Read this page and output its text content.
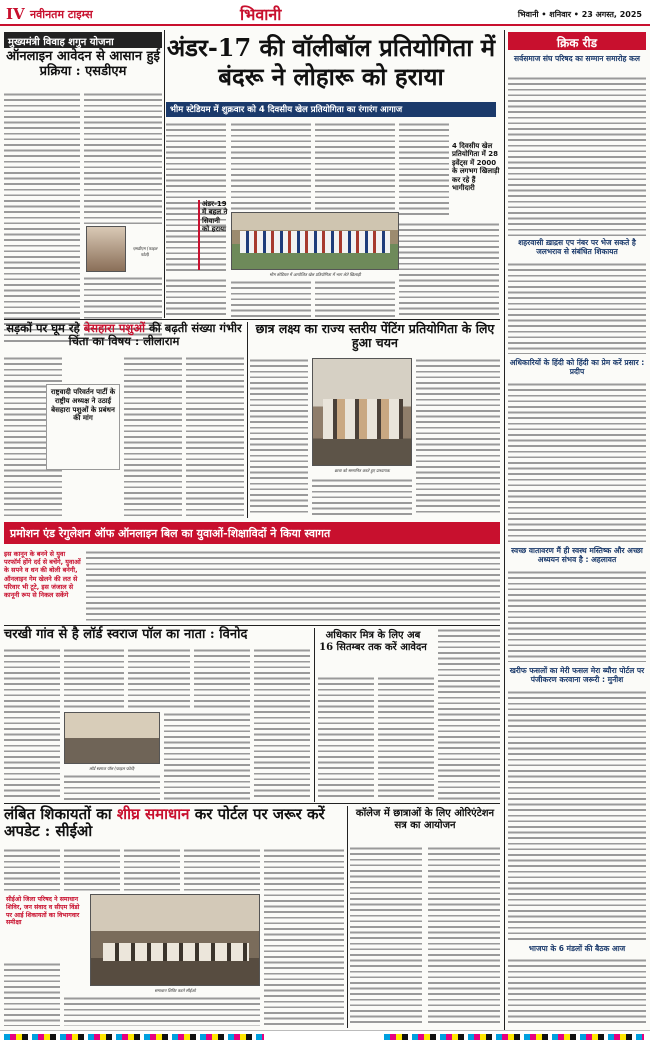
IV नवीनतम टाइम्स	भिवानी	भिवानी • शनिवार • 23 अगस्त, 2025
मुख्यमंत्री विवाह शगुन योजना
ऑनलाइन आवेदन से आसान हुई प्रक्रिया : एसडीएम
एसडीएम (फाइल फोटो)
अंडर-17 की वॉलीबॉल प्रतियोगिता में बंदरू ने लोहारू को हराया
भीम स्टेडियम में शुक्रवार को 4 दिवसीय खेल प्रतियोगिता का रंगारंग आगाज
अंडर-19 में बहल ने सिवानी को हराया
4 दिवसीय खेल प्रतियोगिता में 28 इवेंट्स में 2000 के लगभग खिलाड़ी कर रहे हैं भागीदारी
भीम स्टेडियम में आयोजित खेल प्रतियोगिता में भाग लेते खिलाड़ी
सड़कों पर घूम रहे बेसहारा पशुओं की बढ़ती संख्या गंभीर चिंता का विषय : लीलाराम
राष्ट्रवादी परिवर्तन पार्टी के राष्ट्रीय अध्यक्ष ने उठाई बेसहारा पशुओं के प्रबंधन की मांग
छात्र लक्ष्य का राज्य स्तरीय पेंटिंग प्रतियोगिता के लिए हुआ चयन
छात्रा को सम्मानित करते हुए प्राध्यापक
प्रमोशन एंड रेगुलेशन ऑफ ऑनलाइन बिल का युवाओं-शिक्षाविदों ने किया स्वागत
इस कानून के बनने से युवा परफॉर्म होंगे दर्द से बचेंगे, युवाओं के सपने व धन की बोली बनेगी, ऑनलाइन गेम खेलने की लत से परिवार भी टूटे, इस जंजाल से कानूनी रूप से निकल सकेंगे
चरखी गांव से है लॉर्ड स्वराज पॉल का नाता : विनोद
लॉर्ड स्वराज पॉल (फाइल फोटो)
अधिकार मित्र के लिए अब 16 सितम्बर तक करें आवेदन
लंबित शिकायतों का शीघ्र समाधान कर पोर्टल पर जरूर करें अपडेट : सीईओ
सीईओ जिला परिषद ने समाधान शिविर, जन संवाद व सीएम विंडो पर आई शिकायतों का विभागवार समीक्षा
समाधान शिविर करते सीईओ
कॉलेज में छात्राओं के लिए ओरिएंटेशन सत्र का आयोजन
क्रिक रीड
सर्वसमाज संघ परिषद का सम्मान समारोह कल
शहरवासी ख़ाद्रस एप नंबर पर भेज सकते है जलभराव से संबंधित शिकायत
अधिकारियों के हिंदी को हिंदी का प्रेम करें प्रसार : प्रदीप
स्वच्छ वातावरण मैं ही स्वस्थ मस्तिष्क और अच्छा अध्ययन संभव है : अहलावत
खरीफ फसलों का मेरी फसल मेरा ब्यौरा पोर्टल पर पंजीकरण करवाना जरूरी : मुनीश
भाजपा के 6 मंडलों की बैठक आज
